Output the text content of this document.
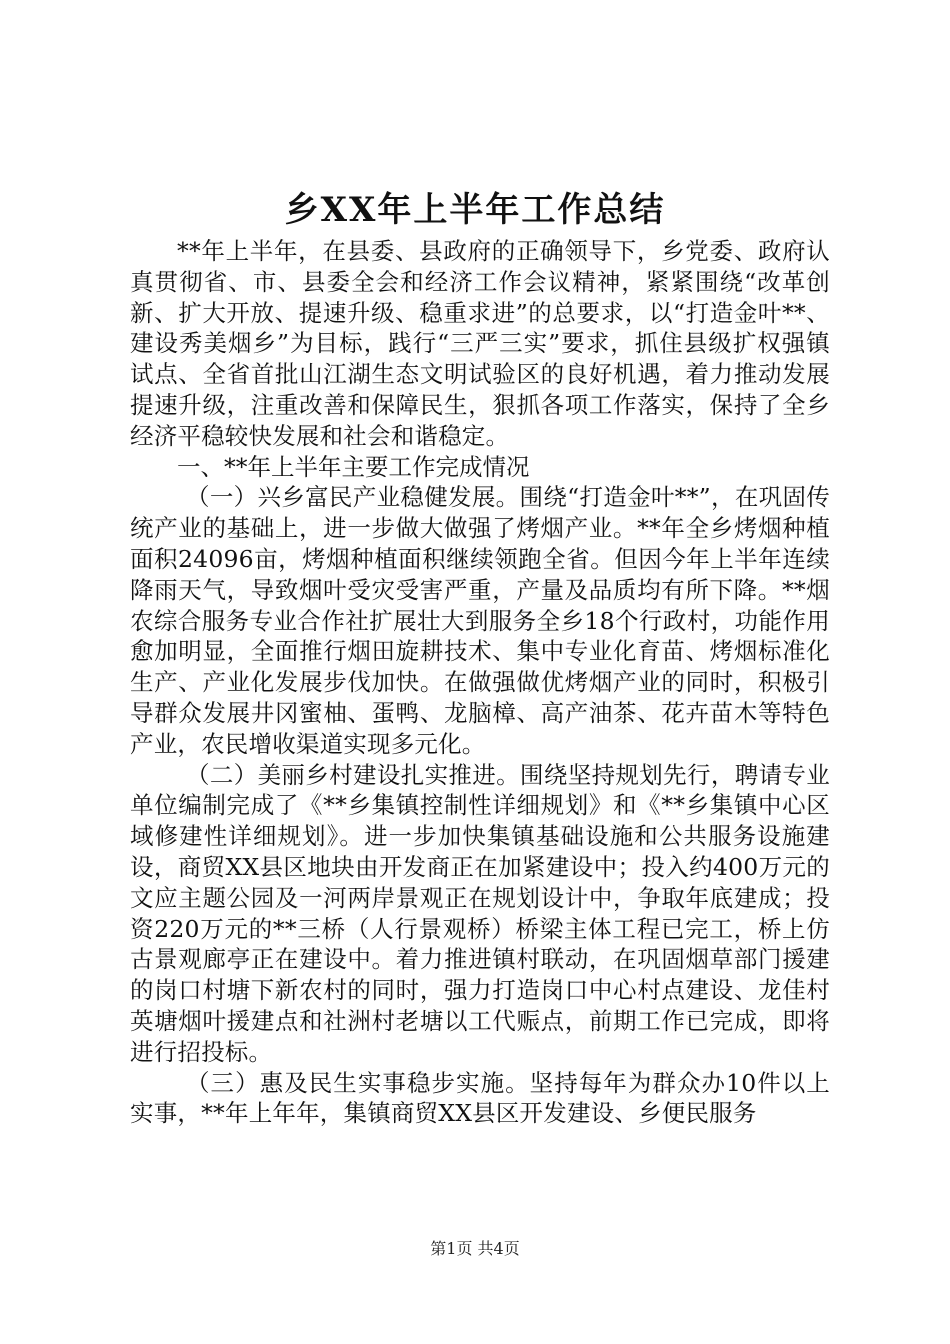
乡XX年上半年工作总结

**年上半年，在县委、县政府的正确领导下，乡党委、政府认真贯彻省、市、县委全会和经济工作会议精神，紧紧围绕“改革创新、扩大开放、提速升级、稳重求进”的总要求，以“打造金叶**、建设秀美烟乡”为目标，践行“三严三实”要求，抓住县级扩权强镇试点、全省首批山江湖生态文明试验区的良好机遇，着力推动发展提速升级，注重改善和保障民生，狠抓各项工作落实，保持了全乡经济平稳较快发展和社会和谐稳定。

一、**年上半年主要工作完成情况

（一）兴乡富民产业稳健发展。围绕“打造金叶**”，在巩固传统产业的基础上，进一步做大做强了烤烟产业。**年全乡烤烟种植面积24096亩，烤烟种植面积继续领跑全省。但因今年上半年连续降雨天气，导致烟叶受灾受害严重，产量及品质均有所下降。**烟农综合服务专业合作社扩展壮大到服务全乡18个行政村，功能作用愈加明显，全面推行烟田旋耕技术、集中专业化育苗、烤烟标准化生产、产业化发展步伐加快。在做强做优烤烟产业的同时，积极引导群众发展井冈蜜柚、蛋鸭、龙脑樟、高产油茶、花卉苗木等特色产业，农民增收渠道实现多元化。

（二）美丽乡村建设扎实推进。围绕坚持规划先行，聘请专业单位编制完成了《**乡集镇控制性详细规划》和《**乡集镇中心区域修建性详细规划》。进一步加快集镇基础设施和公共服务设施建设，商贸XX县区地块由开发商正在加紧建设中；投入约400万元的文应主题公园及一河两岸景观正在规划设计中，争取年底建成；投资220万元的**三桥（人行景观桥）桥梁主体工程已完工，桥上仿古景观廊亭正在建设中。着力推进镇村联动，在巩固烟草部门援建的岗口村塘下新农村的同时，强力打造岗口中心村点建设、龙佳村英塘烟叶援建点和社洲村老塘以工代赈点，前期工作已完成，即将进行招投标。

（三）惠及民生实事稳步实施。坚持每年为群众办10件以上实事，**年上年年，集镇商贸XX县区开发建设、乡便民服务

第1页 共4页
